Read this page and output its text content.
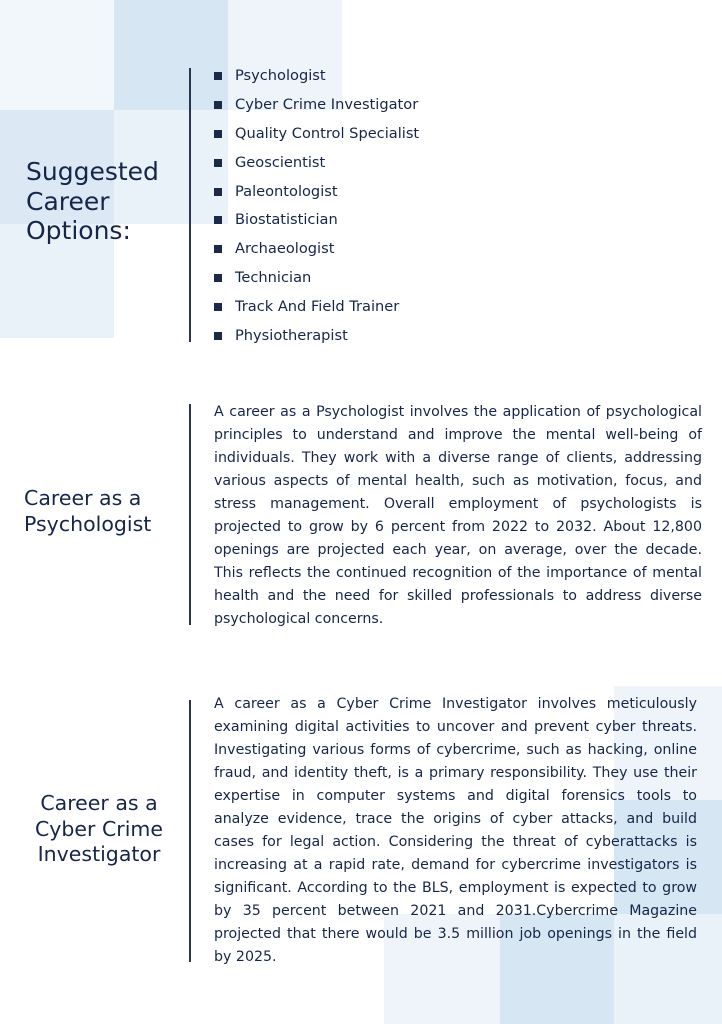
Suggested Career Options:
Psychologist
Cyber Crime Investigator
Quality Control Specialist
Geoscientist
Paleontologist
Biostatistician
Archaeologist
Technician
Track And Field Trainer
Physiotherapist
Career as a Psychologist

A career as a Psychologist involves the application of psychological principles to understand and improve the mental well-being of individuals. They work with a diverse range of clients, addressing various aspects of mental health, such as motivation, focus, and stress management. Overall employment of psychologists is projected to grow by 6 percent from 2022 to 2032. About 12,800 openings are projected each year, on average, over the decade. This reflects the continued recognition of the importance of mental health and the need for skilled professionals to address diverse psychological concerns.

Career as a Cyber Crime Investigator

A career as a Cyber Crime Investigator involves meticulously examining digital activities to uncover and prevent cyber threats. Investigating various forms of cybercrime, such as hacking, online fraud, and identity theft, is a primary responsibility. They use their expertise in computer systems and digital forensics tools to analyze evidence, trace the origins of cyber attacks, and build cases for legal action. Considering the threat of cyberattacks is increasing at a rapid rate, demand for cybercrime investigators is significant. According to the BLS, employment is expected to grow by 35 percent between 2021 and 2031.Cybercrime Magazine projected that there would be 3.5 million job openings in the field by 2025.
